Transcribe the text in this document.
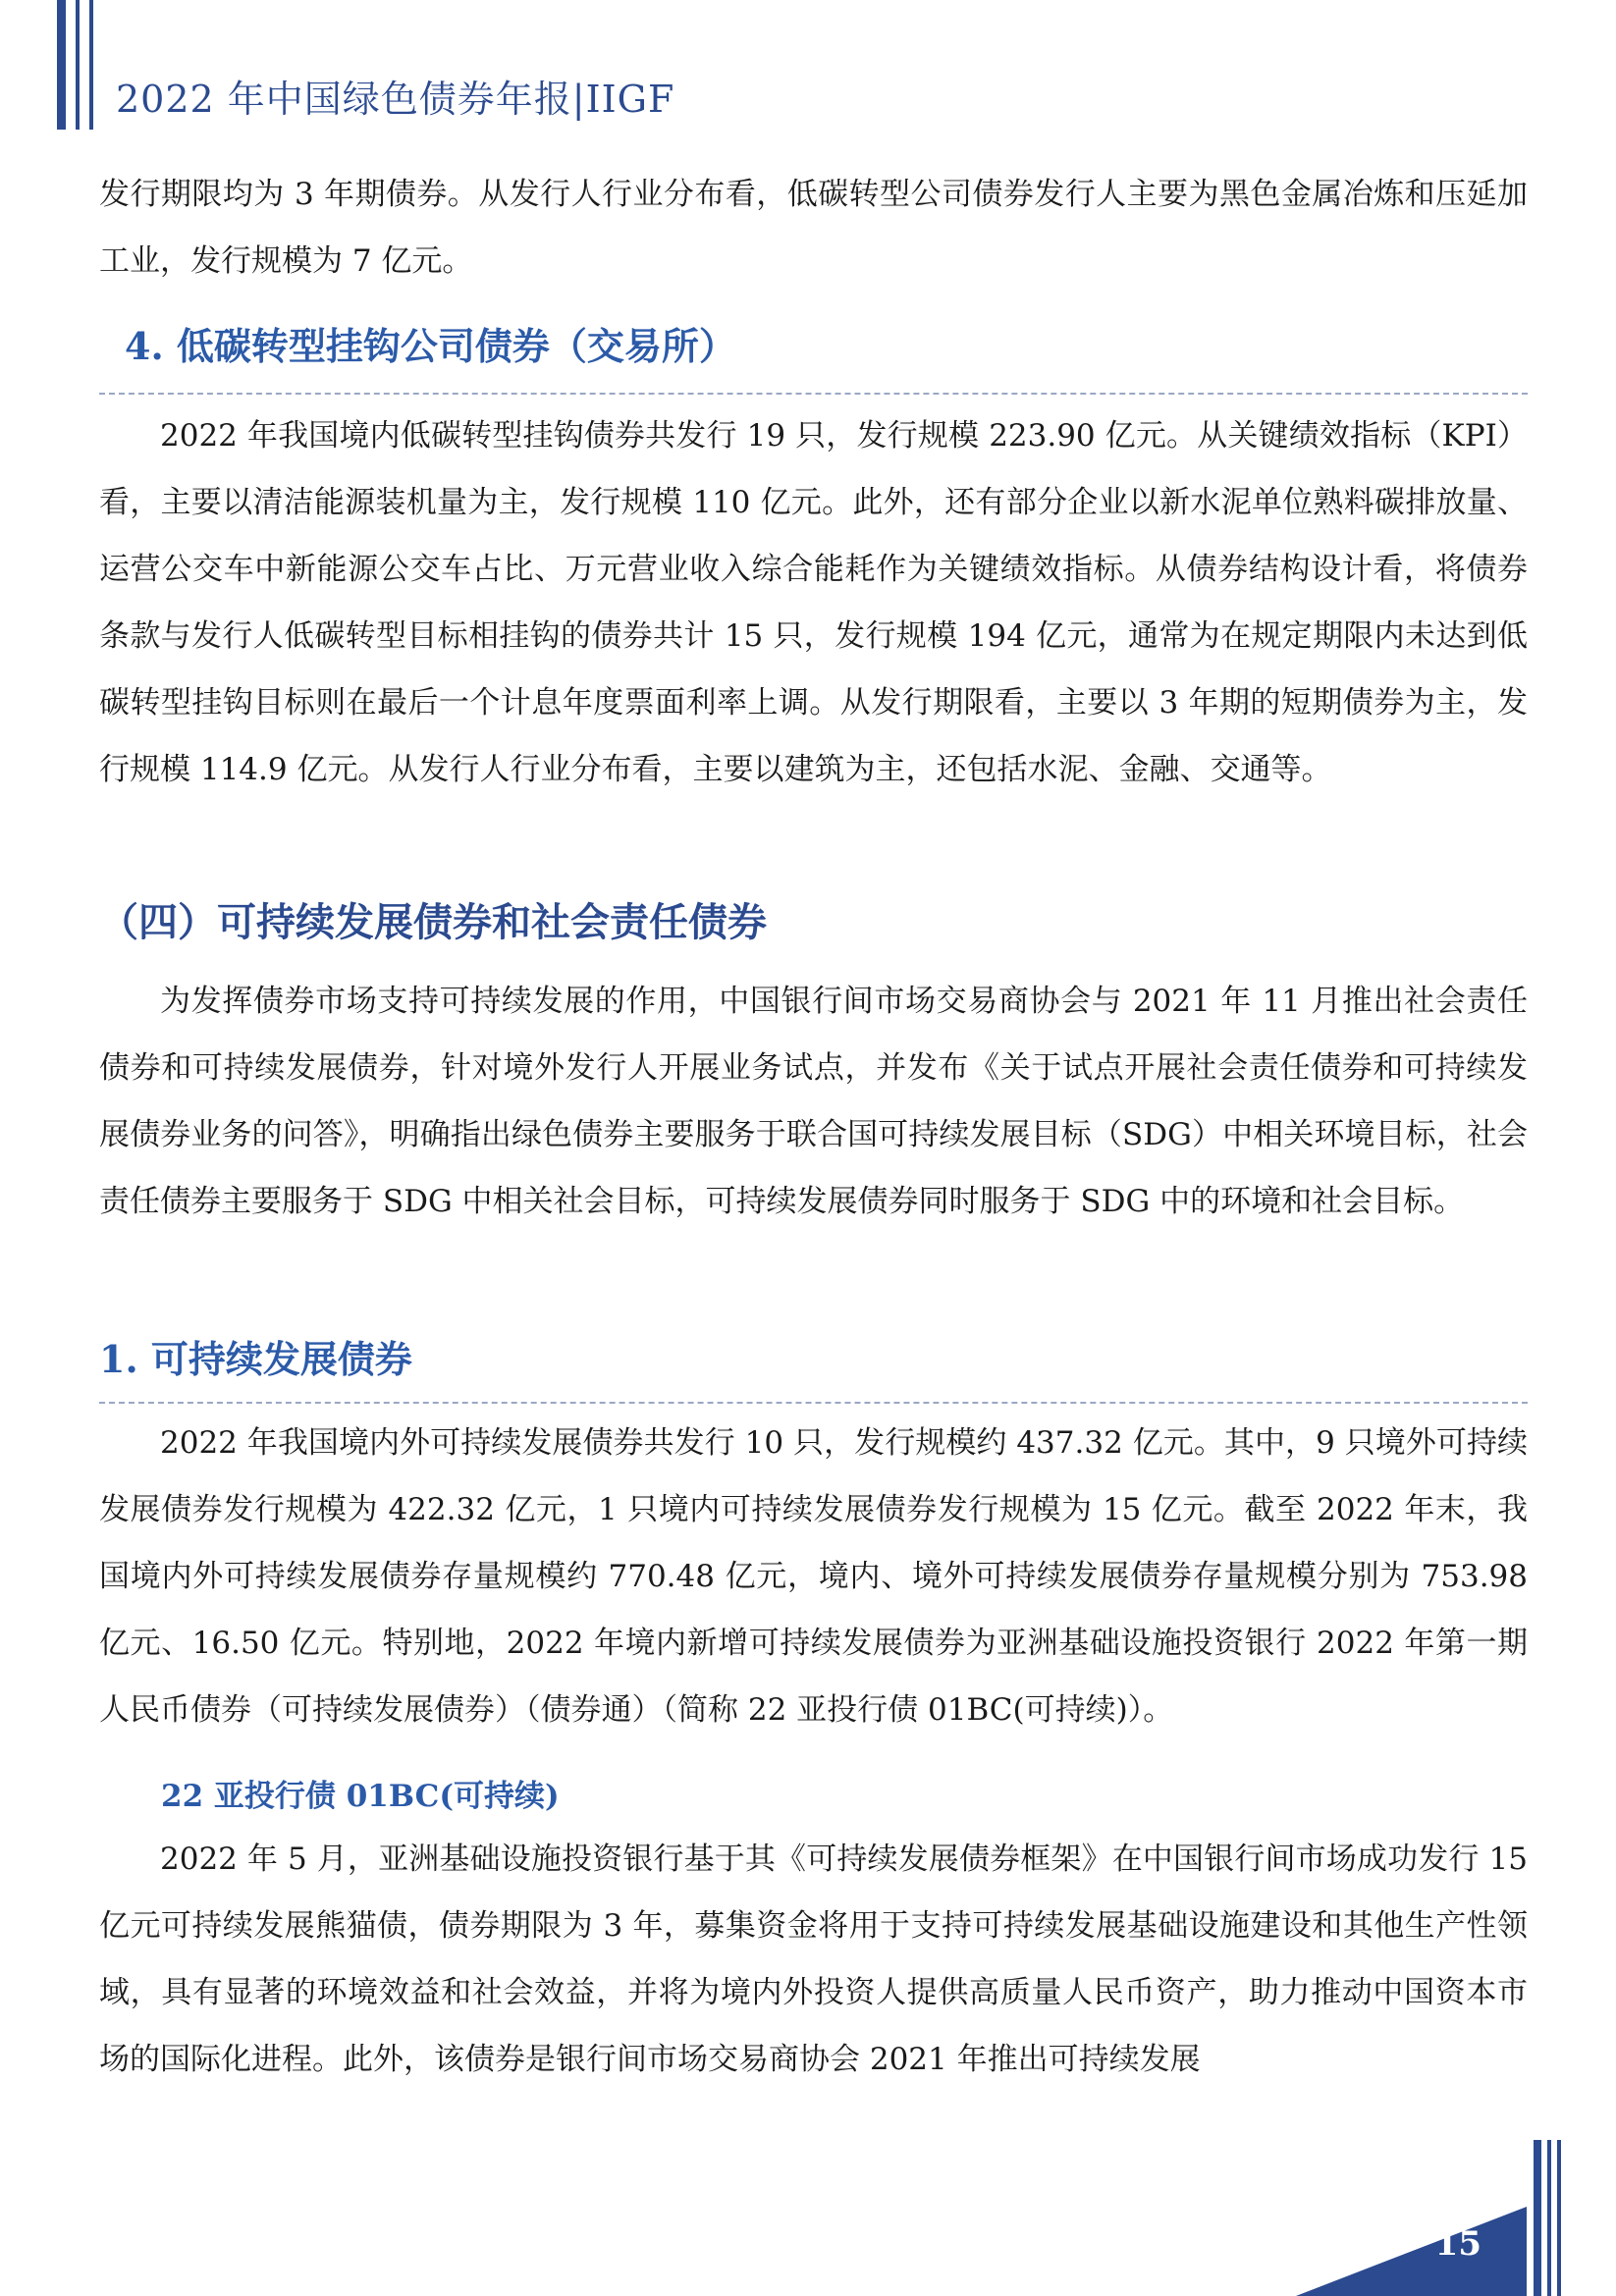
2022 年中国绿色债券年报|IIGF

发行期限均为 3 年期债券。从发行人行业分布看，低碳转型公司债券发行人主要为黑色金属冶炼和压延加工业，发行规模为 7 亿元。

4. 低碳转型挂钩公司债券（交易所）

2022 年我国境内低碳转型挂钩债券共发行 19 只，发行规模 223.90 亿元。从关键绩效指标（KPI）看，主要以清洁能源装机量为主，发行规模 110 亿元。此外，还有部分企业以新水泥单位熟料碳排放量、运营公交车中新能源公交车占比、万元营业收入综合能耗作为关键绩效指标。从债券结构设计看，将债券条款与发行人低碳转型目标相挂钩的债券共计 15 只，发行规模 194 亿元，通常为在规定期限内未达到低碳转型挂钩目标则在最后一个计息年度票面利率上调。从发行期限看，主要以 3 年期的短期债券为主，发行规模 114.9 亿元。从发行人行业分布看，主要以建筑为主，还包括水泥、金融、交通等。

（四）可持续发展债券和社会责任债券

为发挥债券市场支持可持续发展的作用，中国银行间市场交易商协会与 2021 年 11 月推出社会责任债券和可持续发展债券，针对境外发行人开展业务试点，并发布《关于试点开展社会责任债券和可持续发展债券业务的问答》，明确指出绿色债券主要服务于联合国可持续发展目标（SDG）中相关环境目标，社会责任债券主要服务于 SDG 中相关社会目标，可持续发展债券同时服务于 SDG 中的环境和社会目标。

1. 可持续发展债券

2022 年我国境内外可持续发展债券共发行 10 只，发行规模约 437.32 亿元。其中，9 只境外可持续发展债券发行规模为 422.32 亿元，1 只境内可持续发展债券发行规模为 15 亿元。截至 2022 年末，我国境内外可持续发展债券存量规模约 770.48 亿元，境内、境外可持续发展债券存量规模分别为 753.98 亿元、16.50 亿元。特别地，2022 年境内新增可持续发展债券为亚洲基础设施投资银行 2022 年第一期人民币债券（可持续发展债券）（债券通）（简称 22 亚投行债 01BC(可持续)）。

22 亚投行债 01BC(可持续)

2022 年 5 月，亚洲基础设施投资银行基于其《可持续发展债券框架》在中国银行间市场成功发行 15 亿元可持续发展熊猫债，债券期限为 3 年，募集资金将用于支持可持续发展基础设施建设和其他生产性领域，具有显著的环境效益和社会效益，并将为境内外投资人提供高质量人民币资产，助力推动中国资本市场的国际化进程。此外，该债券是银行间市场交易商协会 2021 年推出可持续发展

15
